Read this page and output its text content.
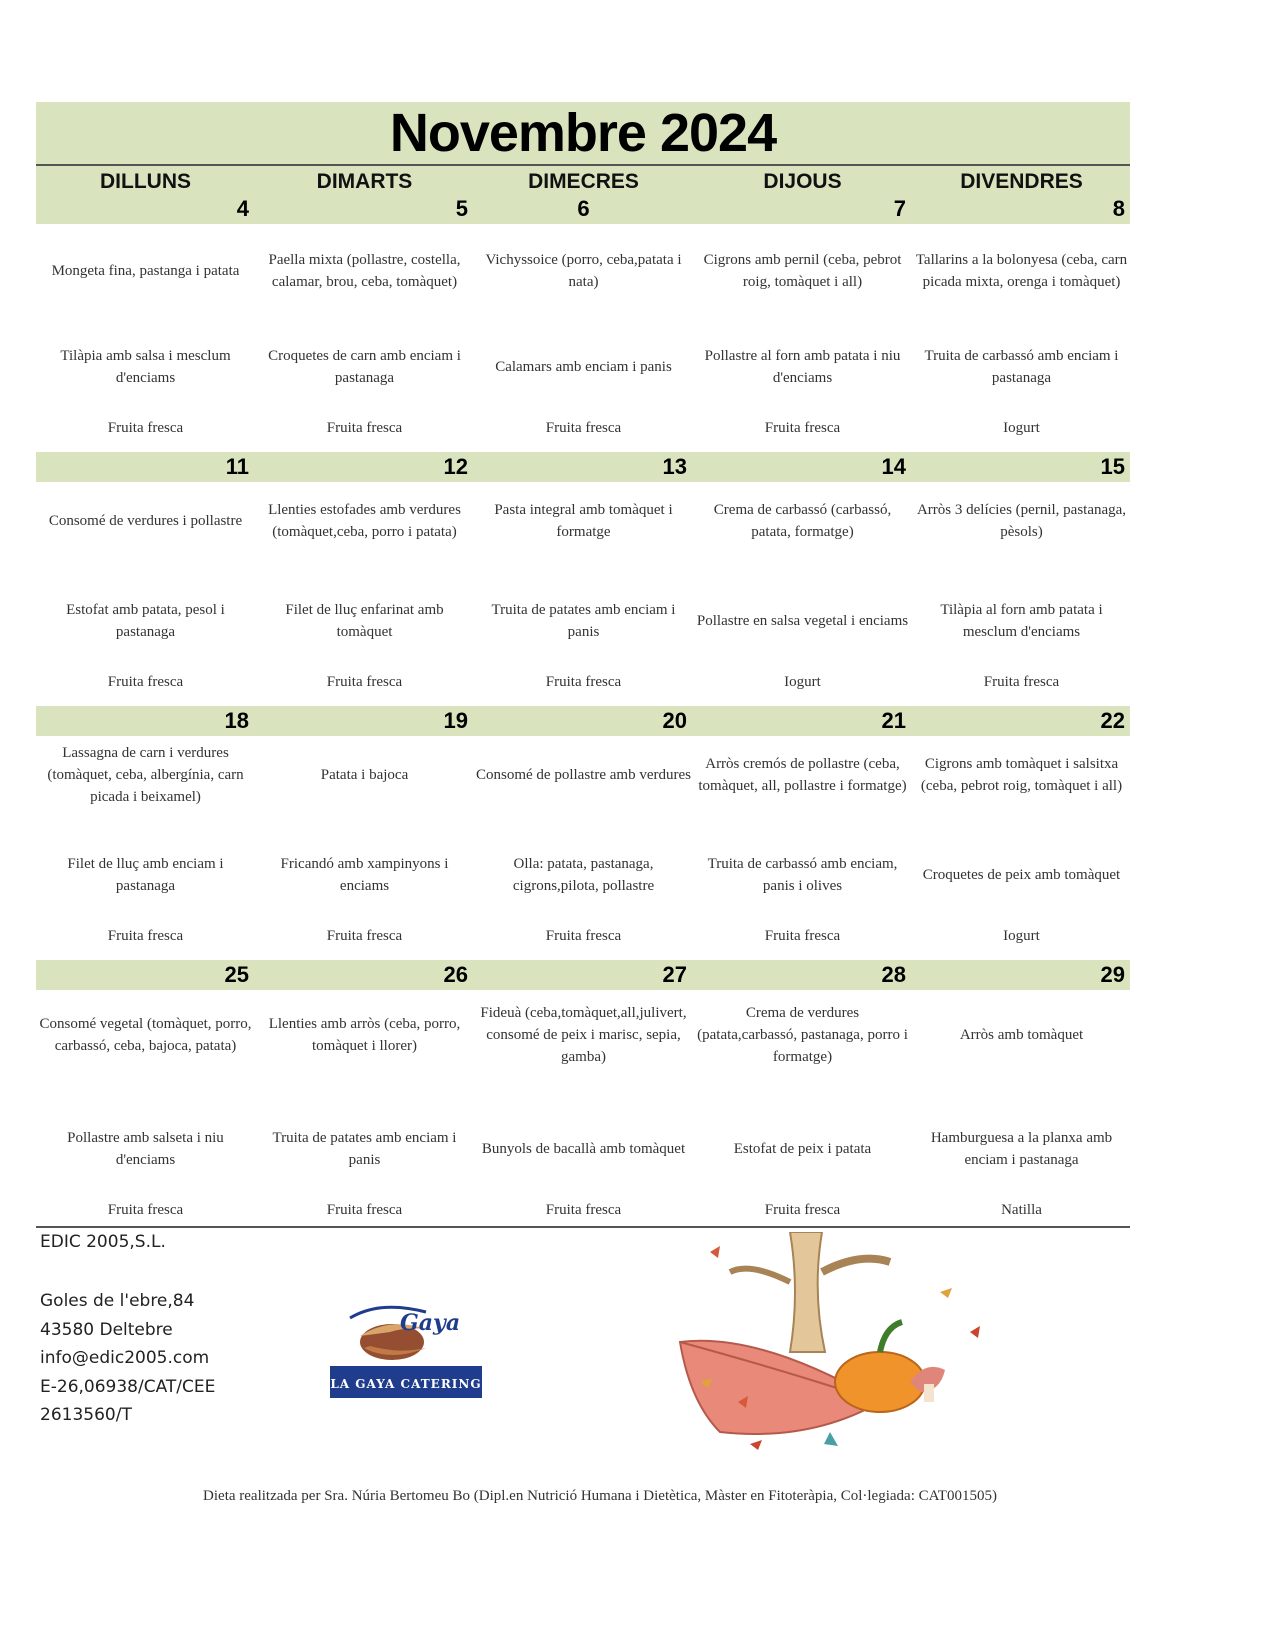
Novembre 2024
DILLUNS
4
Mongeta fina, pastanga i patata
Tilàpia amb salsa i mesclum d'enciams
Fruita fresca
DIMARTS
5
Paella mixta (pollastre, costella, calamar, brou, ceba, tomàquet)
Croquetes de carn amb enciam i pastanaga
Fruita fresca
DIMECRES
6
Vichyssoice (porro, ceba,patata i nata)
Calamars amb enciam i panis
Fruita fresca
DIJOUS
7
Cigrons amb pernil (ceba, pebrot roig, tomàquet i all)
Pollastre al forn amb patata i niu d'enciams
Fruita fresca
DIVENDRES
8
Tallarins a la bolonyesa (ceba, carn picada mixta, orenga i tomàquet)
Truita de carbassó amb enciam i pastanaga
Iogurt
11
Consomé de verdures i pollastre
Estofat amb patata, pesol i pastanaga
Fruita fresca
12
Llenties estofades amb verdures (tomàquet,ceba, porro i patata)
Filet de lluç enfarinat amb tomàquet
Fruita fresca
13
Pasta integral amb tomàquet i formatge
Truita de patates amb enciam i panis
Fruita fresca
14
Crema de carbassó (carbassó, patata, formatge)
Pollastre en salsa vegetal i enciams
Iogurt
15
Arròs 3 delícies (pernil, pastanaga, pèsols)
Tilàpia al forn amb patata i mesclum d'enciams
Fruita fresca
18
Lassagna de carn i verdures (tomàquet, ceba, albergínia, carn picada i beixamel)
Filet de lluç amb enciam i pastanaga
Fruita fresca
19
Patata i bajoca
Fricandó amb xampinyons i enciams
Fruita fresca
20
Consomé de pollastre amb verdures
Olla: patata, pastanaga, cigrons,pilota, pollastre
Fruita fresca
21
Arròs cremós de pollastre (ceba, tomàquet, all, pollastre i formatge)
Truita de carbassó amb enciam, panis i olives
Fruita fresca
22
Cigrons amb tomàquet i salsitxa (ceba, pebrot roig, tomàquet i all)
Croquetes de peix amb tomàquet
Iogurt
25
Consomé vegetal (tomàquet, porro, carbassó, ceba, bajoca, patata)
Pollastre amb salseta i niu d'enciams
Fruita fresca
26
Llenties amb arròs (ceba, porro, tomàquet i llorer)
Truita de patates amb enciam i panis
Fruita fresca
27
Fideuà (ceba,tomàquet,all,julivert, consomé de peix i marisc, sepia, gamba)
Bunyols de bacallà amb tomàquet
Fruita fresca
28
Crema de verdures (patata,carbassó, pastanaga, porro i formatge)
Estofat de peix i patata
Fruita fresca
29
Arròs amb tomàquet
Hamburguesa a la planxa amb enciam i pastanaga
Natilla
EDIC 2005,S.L.
Goles de l'ebre,84
43580 Deltebre
info@edic2005.com
E-26,06938/CAT/CEE
2613560/T
Gaya
LA GAYA CATERING
Dieta realitzada per Sra. Núria Bertomeu Bo (Dipl.en Nutrició Humana i Dietètica, Màster en Fitoteràpia, Col·legiada: CAT001505)
